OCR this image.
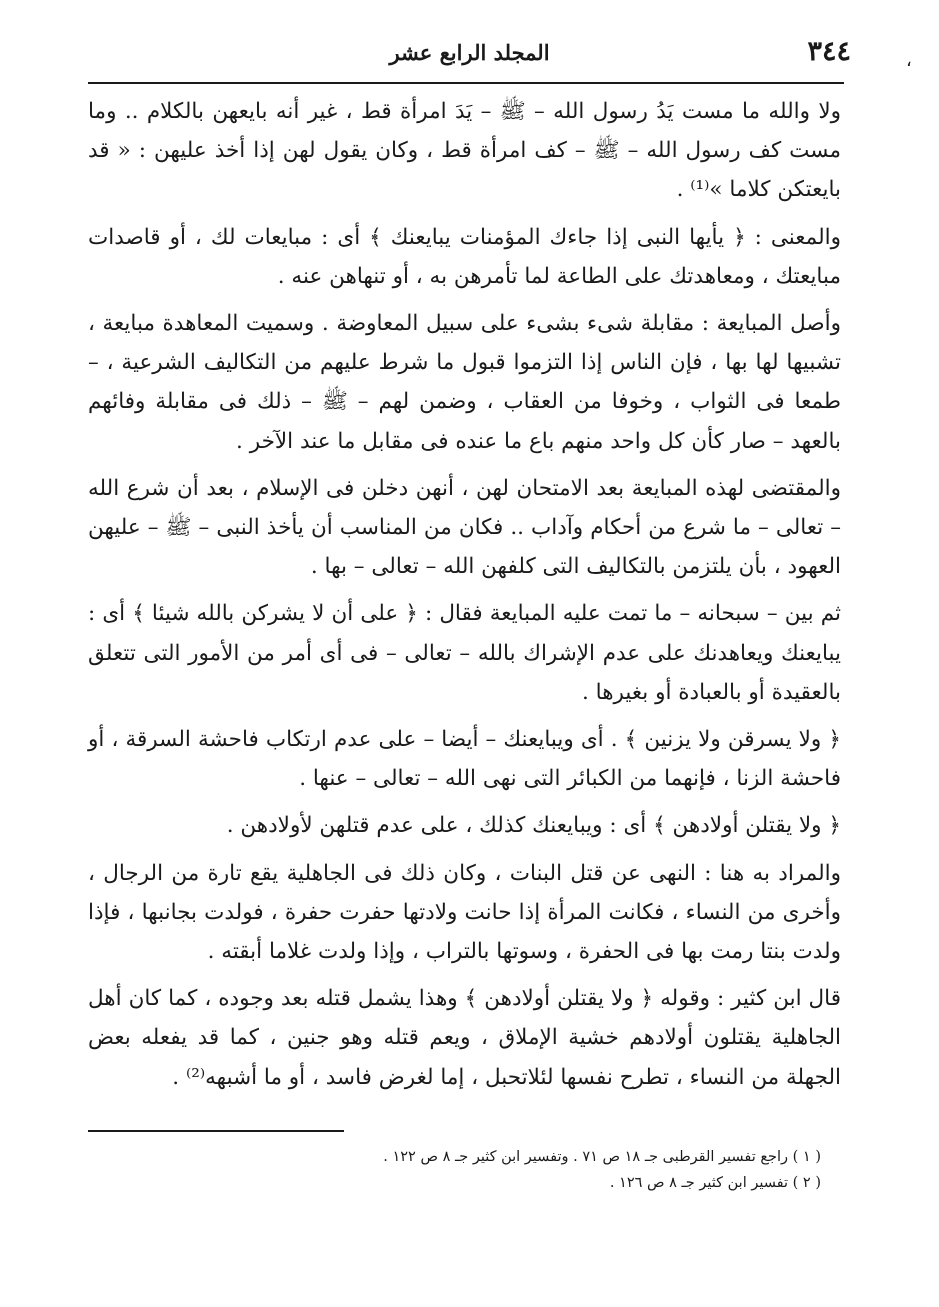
،
٣٤٤
المجلد الرابع عشر

ولا والله ما مست يَدُ رسول الله – ﷺ – يَدَ امرأة قط ، غير أنه بايعهن بالكلام .. وما مست كف رسول الله – ﷺ – كف امرأة قط ، وكان يقول لهن إذا أخذ عليهن : « قد بايعتكن كلاما »⁽¹⁾ .

والمعنى : ﴿ يأيها النبى إذا جاءك المؤمنات يبايعنك ﴾ أى : مبايعات لك ، أو قاصدات مبايعتك ، ومعاهدتك على الطاعة لما تأمرهن به ، أو تنهاهن عنه .

وأصل المبايعة : مقابلة شىء بشىء على سبيل المعاوضة . وسميت المعاهدة مبايعة ، تشبيها لها بها ، فإن الناس إذا التزموا قبول ما شرط عليهم من التكاليف الشرعية ، – طمعا فى الثواب ، وخوفا من العقاب ، وضمن لهم – ﷺ – ذلك فى مقابلة وفائهم بالعهد – صار كأن كل واحد منهم باع ما عنده فى مقابل ما عند الآخر .

والمقتضى لهذه المبايعة بعد الامتحان لهن ، أنهن دخلن فى الإسلام ، بعد أن شرع الله – تعالى – ما شرع من أحكام وآداب .. فكان من المناسب أن يأخذ النبى – ﷺ – عليهن العهود ، بأن يلتزمن بالتكاليف التى كلفهن الله – تعالى – بها .

ثم بين – سبحانه – ما تمت عليه المبايعة فقال : ﴿ على أن لا يشركن بالله شيئا ﴾ أى : يبايعنك ويعاهدنك على عدم الإشراك بالله – تعالى – فى أى أمر من الأمور التى تتعلق بالعقيدة أو بالعبادة أو بغيرها .

﴿ ولا يسرقن ولا يزنين ﴾ . أى ويبايعنك – أيضا – على عدم ارتكاب فاحشة السرقة ، أو فاحشة الزنا ، فإنهما من الكبائر التى نهى الله – تعالى – عنها .

﴿ ولا يقتلن أولادهن ﴾ أى : ويبايعنك كذلك ، على عدم قتلهن لأولادهن .

والمراد به هنا : النهى عن قتل البنات ، وكان ذلك فى الجاهلية يقع تارة من الرجال ، وأخرى من النساء ، فكانت المرأة إذا حانت ولادتها حفرت حفرة ، فولدت بجانبها ، فإذا ولدت بنتا رمت بها فى الحفرة ، وسوتها بالتراب ، وإذا ولدت غلاما أبقته .

قال ابن كثير : وقوله ﴿ ولا يقتلن أولادهن ﴾ وهذا يشمل قتله بعد وجوده ، كما كان أهل الجاهلية يقتلون أولادهم خشية الإملاق ، ويعم قتله وهو جنين ، كما قد يفعله بعض الجهلة من النساء ، تطرح نفسها لئلاتحبل ، إما لغرض فاسد ، أو ما أشبهه⁽²⁾ .

( ١ ) راجع تفسير القرطبى جـ ١٨ ص ٧١ . وتفسير ابن كثير جـ ٨ ص ١٢٢ .

( ٢ ) تفسير ابن كثير جـ ٨ ص ١٢٦ .
